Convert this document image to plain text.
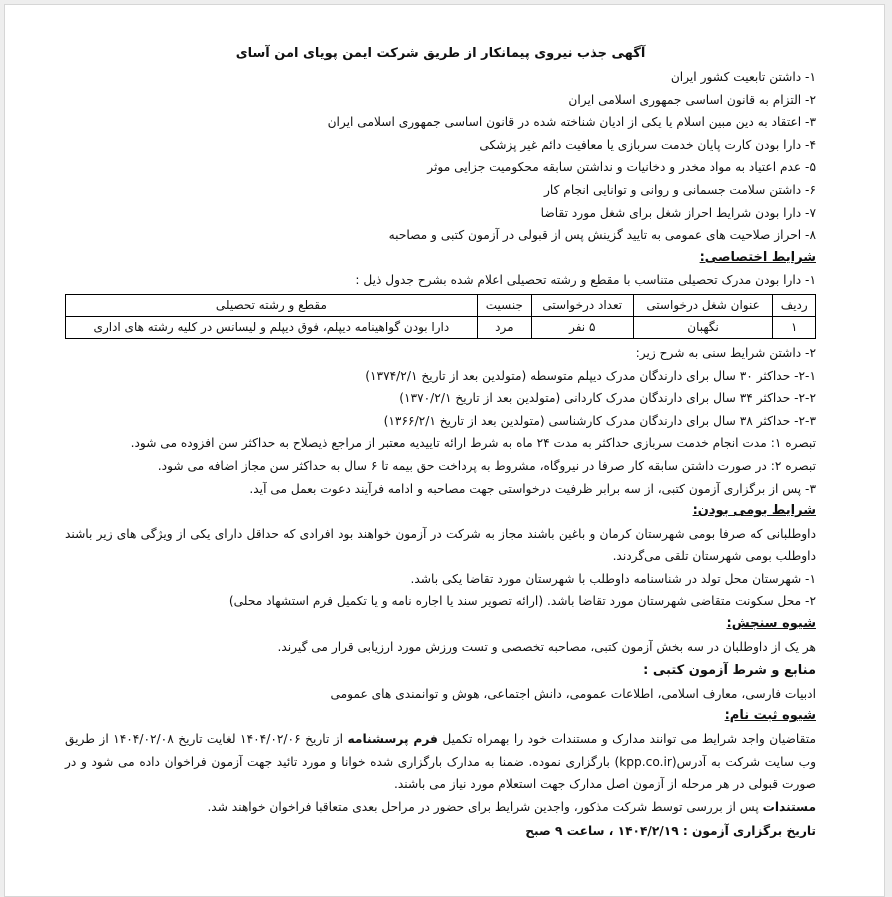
آگهی جذب نیروی پیمانکار از طریق شرکت ایمن پویای امن آسای
۱- داشتن تابعیت کشور ایران
۲- التزام به قانون اساسی جمهوری اسلامی ایران
۳- اعتقاد به دین مبین اسلام یا یکی از ادیان شناخته شده در قانون اساسی جمهوری اسلامی ایران
۴- دارا بودن کارت پایان خدمت سربازی یا معافیت دائم غیر پزشکی
۵- عدم اعتیاد به مواد مخدر و دخانیات و نداشتن سابقه محکومیت جزایی موثر
۶- داشتن سلامت جسمانی و روانی و توانایی انجام کار
۷- دارا بودن شرایط احراز شغل برای شغل مورد تقاضا
۸- احراز صلاحیت های عمومی به تایید گزینش پس از قبولی در آزمون کتبی و مصاحبه
شرایط اختصاصی:
۱- دارا بودن مدرک تحصیلی متناسب با مقطع و رشته تحصیلی اعلام شده بشرح جدول ذیل :
ردیف	عنوان شغل درخواستی	تعداد درخواستی	جنسیت	مقطع و رشته تحصیلی
۱	نگهبان	۵ نفر	مرد	دارا بودن گواهینامه دیپلم، فوق دیپلم و لیسانس در کلیه رشته های اداری
۲- داشتن شرایط سنی به شرح زیر:
۲-۱- حداکثر ۳۰ سال برای دارندگان مدرک دیپلم متوسطه (متولدین بعد از تاریخ ۱۳۷۴/۲/۱)
۲-۲- حداکثر ۳۴ سال برای دارندگان مدرک کاردانی (متولدین بعد از تاریخ ۱۳۷۰/۲/۱)
۲-۳- حداکثر ۳۸ سال برای دارندگان مدرک کارشناسی (متولدین بعد از تاریخ ۱۳۶۶/۲/۱)
تبصره ۱: مدت انجام خدمت سربازی حداکثر به مدت ۲۴ ماه به شرط ارائه تاییدیه معتبر از مراجع ذیصلاح به حداکثر سن افزوده می شود.
تبصره ۲: در صورت داشتن سابقه کار صرفا در نیروگاه، مشروط به پرداخت حق بیمه تا ۶ سال به حداکثر سن مجاز اضافه می شود.
۳- پس از برگزاری آزمون کتبی، از سه برابر ظرفیت درخواستی جهت مصاحبه و ادامه فرآیند دعوت بعمل می آید.
شرایط بومی بودن:
داوطلبانی که صرفا بومی شهرستان کرمان و باغین باشند مجاز به شرکت در آزمون خواهند بود افرادی که حداقل دارای یکی از ویژگی های زیر باشند داوطلب بومی شهرستان تلقی می‌گردند.
۱- شهرستان محل تولد در شناسنامه داوطلب با شهرستان مورد تقاضا یکی باشد.
۲- محل سکونت متقاضی شهرستان مورد تقاضا باشد. (ارائه تصویر سند یا اجاره نامه و یا تکمیل فرم استشهاد محلی)
شیوه سنجش:
هر یک از داوطلبان در سه بخش آزمون کتبی، مصاحبه تخصصی و تست ورزش مورد ارزیابی قرار می گیرند.
منابع و شرط آزمون کتبی :
ادبیات فارسی، معارف اسلامی، اطلاعات عمومی، دانش اجتماعی، هوش و توانمندی های عمومی
شیوه ثبت نام:
متقاضیان واجد شرایط می توانند مدارک و مستندات خود را بهمراه تکمیل فرم پرسشنامه از تاریخ ۱۴۰۴/۰۲/۰۶ لغایت تاریخ ۱۴۰۴/۰۲/۰۸ از طریق وب سایت شرکت به آدرس(kpp.co.ir) بارگزاری نموده. ضمنا به مدارک بارگزاری شده خوانا و مورد تائید جهت آزمون فراخوان داده می شود و در صورت قبولی در هر مرحله از آزمون اصل مدارک جهت استعلام مورد نیاز می باشند.
مستندات پس از بررسی توسط شرکت مذکور، واجدین شرایط برای حضور در مراحل بعدی متعاقبا فراخوان خواهند شد.
تاریخ برگزاری آزمون : ۱۴۰۴/۲/۱۹ ، ساعت ۹ صبح
